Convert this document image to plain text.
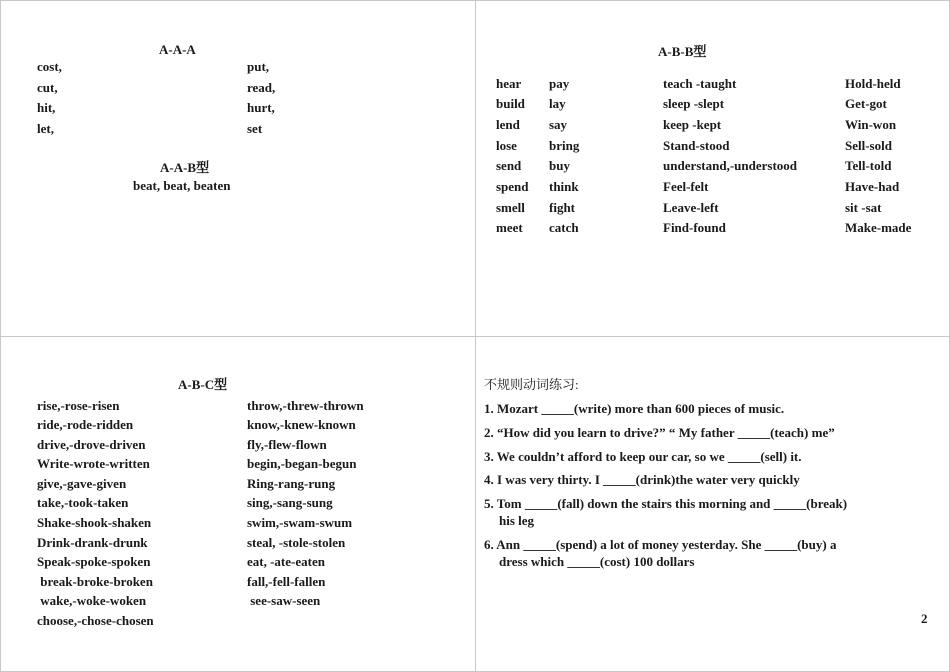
A-A-A
cost,
cut,
hit,
let,
put,
read,
hurt,
set
A-A-B型
beat, beat, beaten
A-B-B型
hear
build
lend
lose
send
spend
smell
meet
pay
lay
say
bring
buy
think
fight
catch
teach -taught
sleep -slept
keep -kept
Stand-stood
understand,-understood
Feel-felt
Leave-left
Find-found
Hold-held
Get-got
Win-won
Sell-sold
Tell-told
Have-had
sit -sat
Make-made
A-B-C型
rise,-rose-risen
ride,-rode-ridden
drive,-drove-driven
Write-wrote-written
give,-gave-given
take,-took-taken
Shake-shook-shaken
Drink-drank-drunk
Speak-spoke-spoken
break-broke-broken
wake,-woke-woken
choose,-chose-chosen
throw,-threw-thrown
know,-knew-known
fly,-flew-flown
begin,-began-begun
Ring-rang-rung
sing,-sang-sung
swim,-swam-swum
steal, -stole-stolen
eat, -ate-eaten
fall,-fell-fallen
see-saw-seen
不规则动词练习:
1. Mozart _____(write) more than 600 pieces of music.
2. “How did you learn to drive?” “ My father _____(teach) me”
3. We couldn’t afford to keep our car, so we _____(sell) it.
4. I was very thirty. I _____(drink)the water very quickly
5. Tom _____(fall) down the stairs this morning and _____(break)
his leg
6. Ann _____(spend) a lot of money yesterday. She _____(buy) a
dress which _____(cost) 100 dollars
2
